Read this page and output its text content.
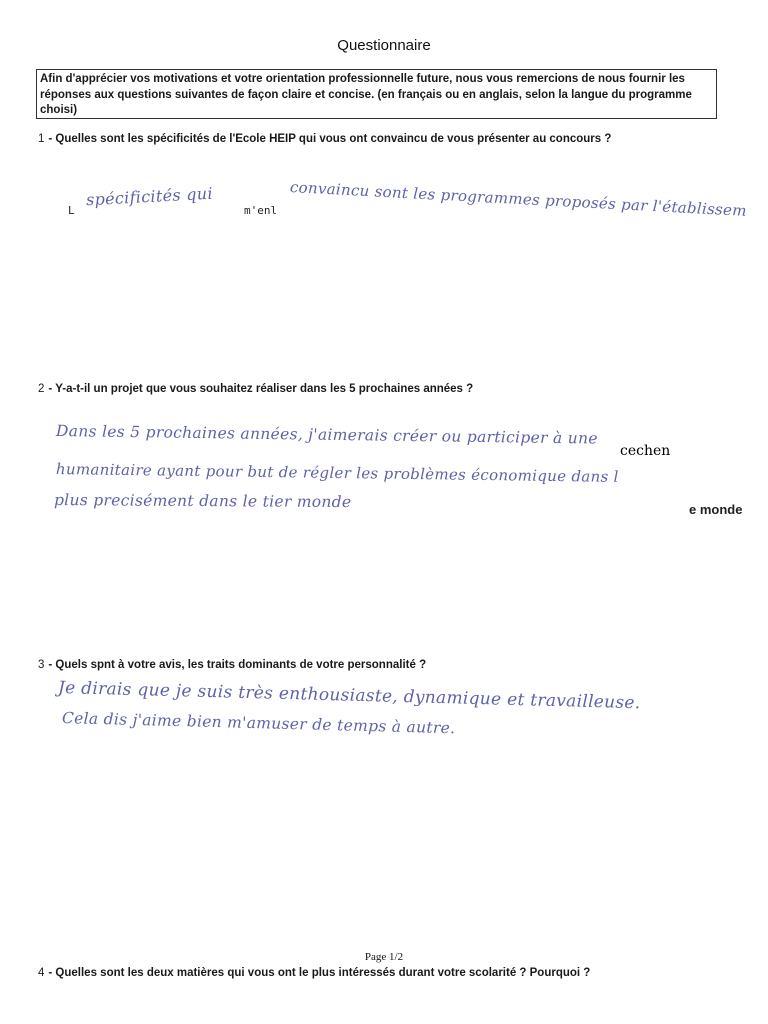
Questionnaire
Afin d'apprécier vos motivations et votre orientation professionnelle future, nous vous remercions de nous fournir les réponses aux questions suivantes de façon claire et concise. (en français ou en anglais, selon la langue du programme choisi)
1 - Quelles sont les spécificités de l'Ecole HEIP qui vous ont convaincu de vous présenter au concours ?
L
spécificités qui
m'enl convaincu sont les programmes proposés par l'établissem
2 - Y-a-t-il un projet que vous souhaitez réaliser dans les 5 prochaines années ?
Dans les 5 prochaines années, j'aimerais créer ou participer à une
cechen
humanitaire ayant pour but de régler les problèmes économique dans l
plus precisément dans le tier monde	e monde
3 - Quels spnt à votre avis, les traits dominants de votre personnalité ?
Je dirais que je suis très enthousiaste, dynamique et travailleuse.
Cela dis j'aime bien m'amuser de temps à autre.
Page 1/2
4 - Quelles sont les deux matières qui vous ont le plus intéressés durant votre scolarité ? Pourquoi ?
